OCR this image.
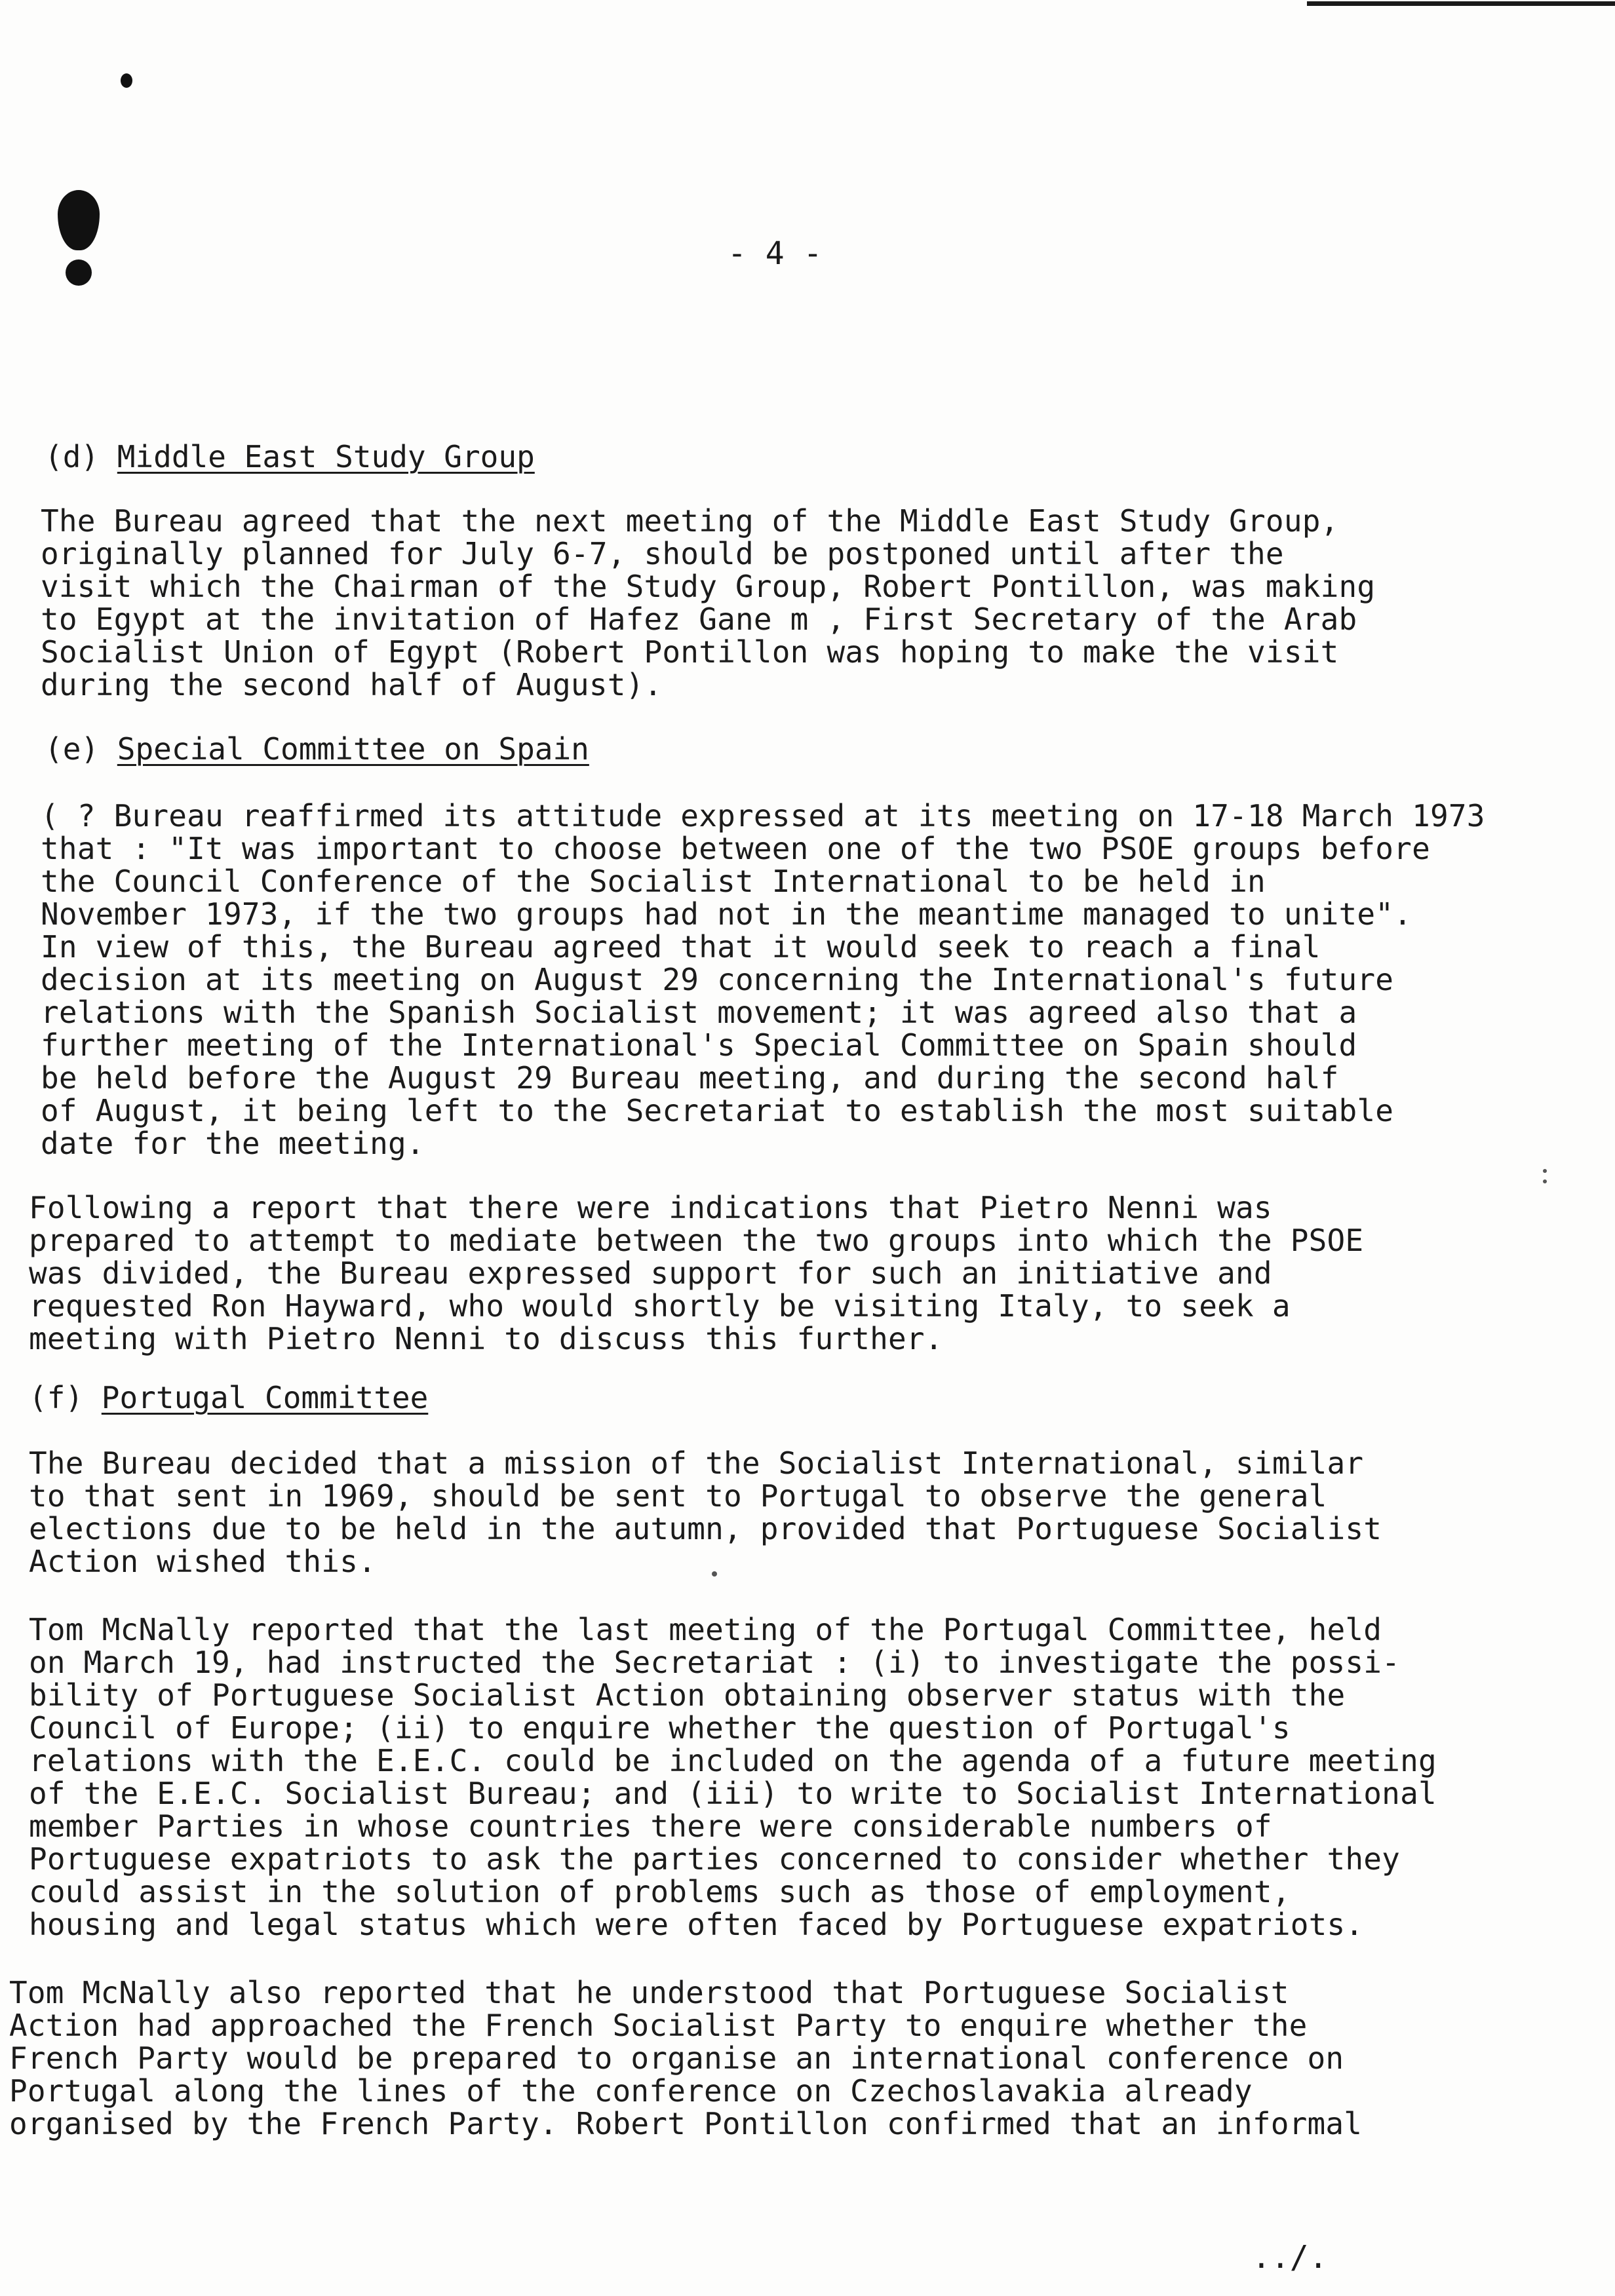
- 4 -
(d) Middle East Study Group

The Bureau agreed that the next meeting of the Middle East Study Group,
originally planned for July 6-7, should be postponed until after the
visit which the Chairman of the Study Group, Robert Pontillon, was making
to Egypt at the invitation of Hafez Gane m , First Secretary of the Arab
Socialist Union of Egypt (Robert Pontillon was hoping to make the visit
during the second half of August).

(e) Special Committee on Spain

( ? Bureau reaffirmed its attitude expressed at its meeting on 17-18 March 1973
that : "It was important to choose between one of the two PSOE groups before
the Council Conference of the Socialist International to be held in
November 1973, if the two groups had not in the meantime managed to unite".
In view of this, the Bureau agreed that it would seek to reach a final
decision at its meeting on August 29 concerning the International's future
relations with the Spanish Socialist movement; it was agreed also that a
further meeting of the International's Special Committee on Spain should
be held before the August 29 Bureau meeting, and during the second half
of August, it being left to the Secretariat to establish the most suitable
date for the meeting.

Following a report that there were indications that Pietro Nenni was
prepared to attempt to mediate between the two groups into which the PSOE
was divided, the Bureau expressed support for such an initiative and
requested Ron Hayward, who would shortly be visiting Italy, to seek a
meeting with Pietro Nenni to discuss this further.

(f) Portugal Committee

The Bureau decided that a mission of the Socialist International, similar
to that sent in 1969, should be sent to Portugal to observe the general
elections due to be held in the autumn, provided that Portuguese Socialist
Action wished this.

Tom McNally reported that the last meeting of the Portugal Committee, held
on March 19, had instructed the Secretariat : (i) to investigate the possi-
bility of Portuguese Socialist Action obtaining observer status with the
Council of Europe; (ii) to enquire whether the question of Portugal's
relations with the E.E.C. could be included on the agenda of a future meeting
of the E.E.C. Socialist Bureau; and (iii) to write to Socialist International
member Parties in whose countries there were considerable numbers of
Portuguese expatriots to ask the parties concerned to consider whether they
could assist in the solution of problems such as those of employment,
housing and legal status which were often faced by Portuguese expatriots.

Tom McNally also reported that he understood that Portuguese Socialist
Action had approached the French Socialist Party to enquire whether the
French Party would be prepared to organise an international conference on
Portugal along the lines of the conference on Czechoslavakia already
organised by the French Party. Robert Pontillon confirmed that an informal

../.
